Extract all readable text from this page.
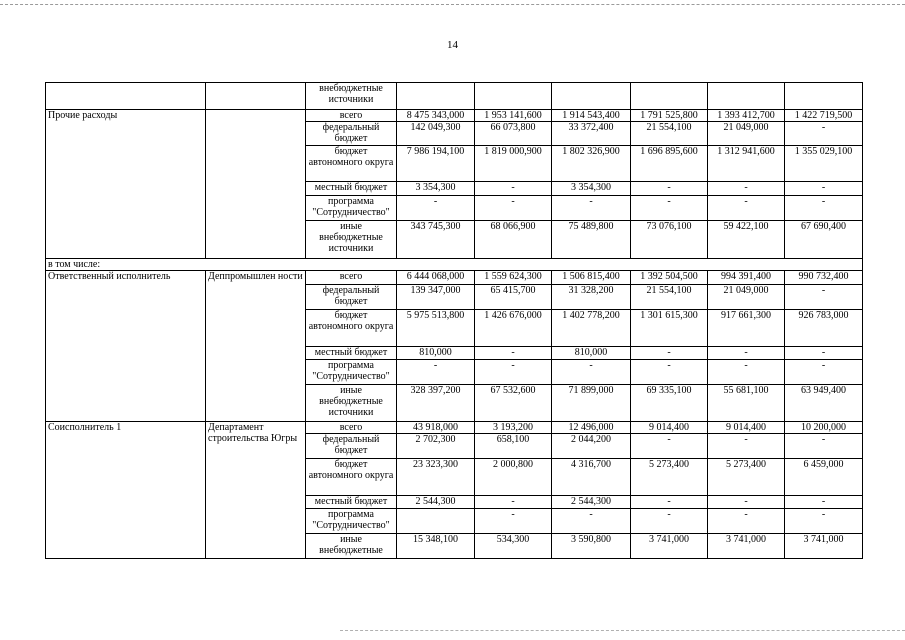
14
		внебюджетные источники						
Прочие расходы		всего	8 475 343,000	1 953 141,600	1 914 543,400	1 791 525,800	1 393 412,700	1 422 719,500
		федеральный бюджет	142 049,300	66 073,800	33 372,400	21 554,100	21 049,000	-
		бюджет автономного округа	7 986 194,100	1 819 000,900	1 802 326,900	1 696 895,600	1 312 941,600	1 355 029,100
		местный бюджет	3 354,300	-	3 354,300	-	-	-
		программа "Сотрудничество"	-	-	-	-	-	-
		иные внебюджетные источники	343 745,300	68 066,900	75 489,800	73 076,100	59 422,100	67 690,400
в том числе:								
Ответственный исполнитель	Деппромышлен ности	всего	6 444 068,000	1 559 624,300	1 506 815,400	1 392 504,500	994 391,400	990 732,400
		федеральный бюджет	139 347,000	65 415,700	31 328,200	21 554,100	21 049,000	-
		бюджет автономного округа	5 975 513,800	1 426 676,000	1 402 778,200	1 301 615,300	917 661,300	926 783,000
		местный бюджет	810,000	-	810,000	-	-	-
		программа "Сотрудничество"	-	-	-	-	-	-
		иные внебюджетные источники	328 397,200	67 532,600	71 899,000	69 335,100	55 681,100	63 949,400
Соисполнитель 1	Департамент строительства Югры	всего	43 918,000	3 193,200	12 496,000	9 014,400	9 014,400	10 200,000
		федеральный бюджет	2 702,300	658,100	2 044,200	-	-	-
		бюджет автономного округа	23 323,300	2 000,800	4 316,700	5 273,400	5 273,400	6 459,000
		местный бюджет	2 544,300	-	2 544,300	-	-	-
		программа "Сотрудничество"		-	-	-	-	-
		иные внебюджетные	15 348,100	534,300	3 590,800	3 741,000	3 741,000	3 741,000
